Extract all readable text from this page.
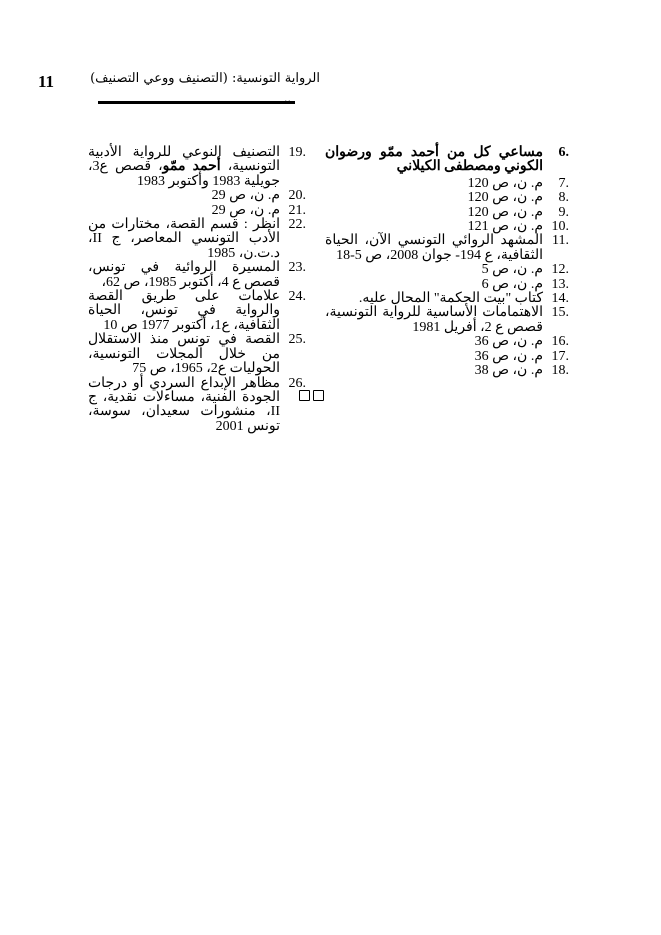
11	الرواية التونسية: (التصنيف ووعي التصنيف)
..
6.
مساعي كل من أحمد ممّو ورضوان الكوني ومصطفى الكيلاني
7.
م. ن، ص 120
8.
م. ن، ص 120
9.
م. ن، ص 120
10.
م. ن، ص 121
11.
المشهد الروائي التونسي الآن، الحياة الثقافية، ع 194- جوان 2008، ص 5-18
12.
م. ن، ص 5
13.
م. ن، ص 6
14.
كتاب "بيت الحكمة" المحال عليه.
15.
الاهتمامات الأساسية للرواية التونسية، قصص ع 2، أفريل 1981
16.
م. ن، ص 36
17.
م. ن، ص 36
18.
م. ن، ص 38
19.
التصنيف النوعي للرواية الأدبية التونسية، أحمد ممّو، قصص ع3، جويلية 1983 وأكتوبر 1983
20.
م. ن، ص 29
21.
م. ن، ص 29
22.
انظر : قسم القصة، مختارات من الأدب التونسي المعاصر، ج II، د.ت.ن، 1985
23.
المسيرة الروائية في تونس، قصص ع 4، أكتوبر 1985، ص 62،
24.
علامات على طريق القصة والرواية في تونس، الحياة الثقافية، ع1، أكتوبر 1977 ص 10
25.
القصة في تونس منذ الاستقلال من خلال المجلات التونسية، الحوليات ع2، 1965، ص 75
26.
مظاهر الإبداع السردي أو درجات الجودة الفنية، مساءلات نقدية، ج II، منشورات سعيدان، سوسة، تونس 2001
